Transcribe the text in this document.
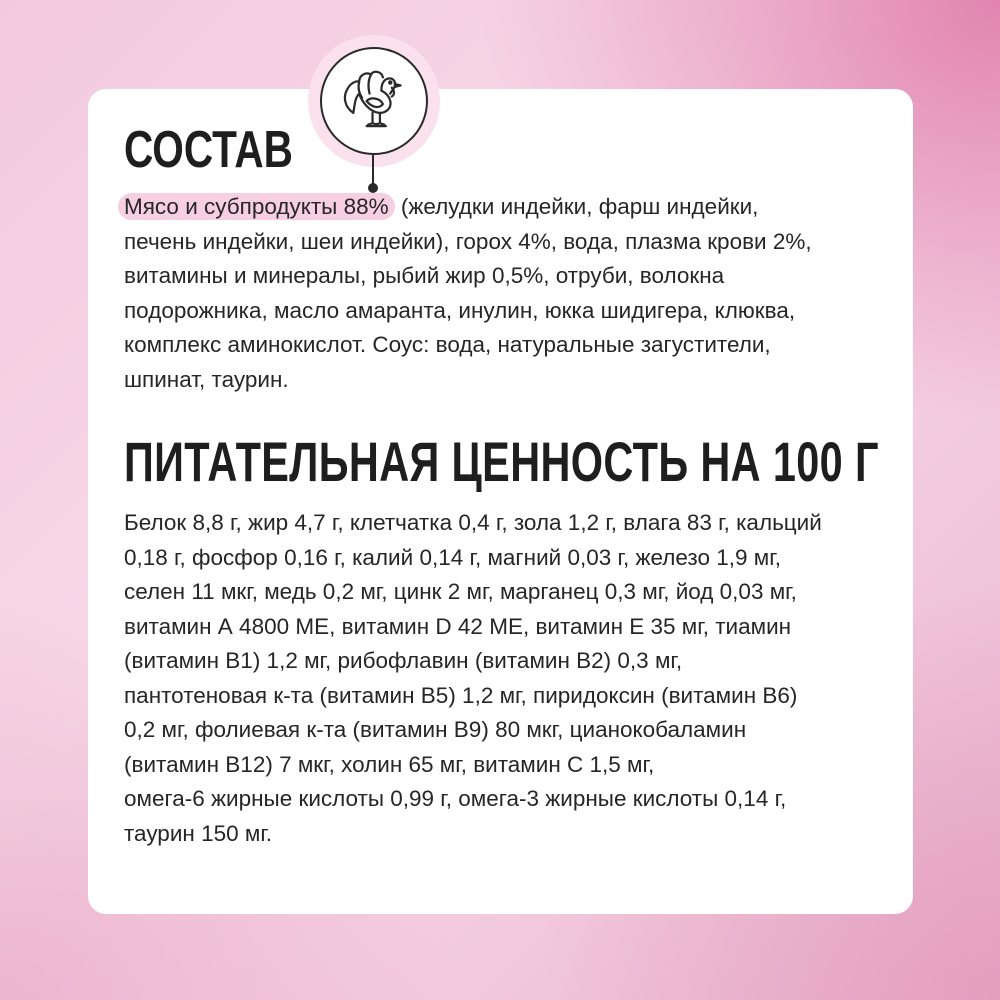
СОСТАВ

Мясо и субпродукты 88% (желудки индейки, фарш индейки,
печень индейки, шеи индейки), горох 4%, вода, плазма крови 2%,
витамины и минералы, рыбий жир 0,5%, отруби, волокна
подорожника, масло амаранта, инулин, юкка шидигера, клюква,
комплекс аминокислот. Соус: вода, натуральные загустители,
шпинат, таурин.

ПИТАТЕЛЬНАЯ ЦЕННОСТЬ НА 100 Г

Белок 8,8 г, жир 4,7 г, клетчатка 0,4 г, зола 1,2 г, влага 83 г, кальций
0,18 г, фосфор 0,16 г, калий 0,14 г, магний 0,03 г, железо 1,9 мг,
селен 11 мкг, медь 0,2 мг, цинк 2 мг, марганец 0,3 мг, йод 0,03 мг,
витамин А 4800 МЕ, витамин D 42 МЕ, витамин Е 35 мг, тиамин
(витамин В1) 1,2 мг, рибофлавин (витамин В2) 0,3 мг,
пантотеновая к-та (витамин В5) 1,2 мг, пиридоксин (витамин В6)
0,2 мг, фолиевая к-та (витамин В9) 80 мкг, цианокобаламин
(витамин В12) 7 мкг, холин 65 мг, витамин С 1,5 мг,
омега-6 жирные кислоты 0,99 г, омега-3 жирные кислоты 0,14 г,
таурин 150 мг.
